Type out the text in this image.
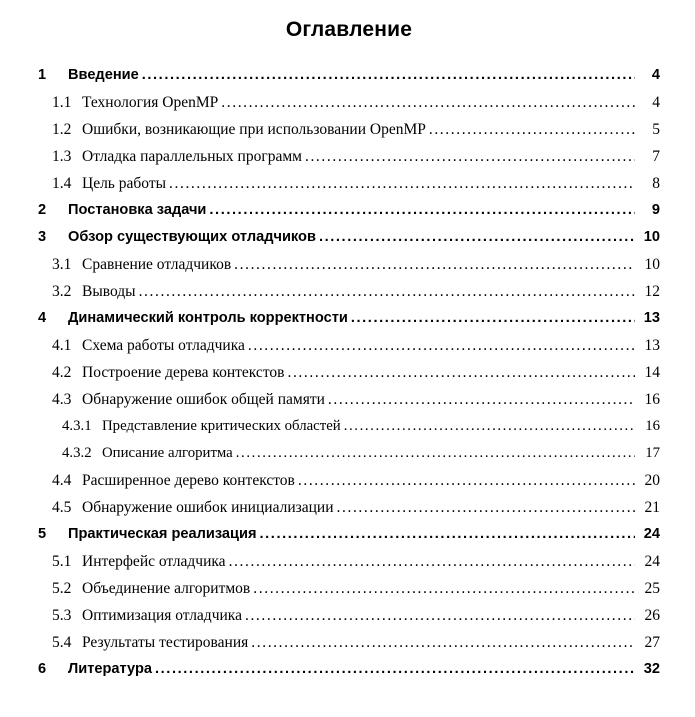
Оглавление
1	Введение .....	4
1.1 Технология OpenMP .....	4
1.2 Ошибки, возникающие при использовании OpenMP .....	5
1.3 Отладка параллельных программ .....	7
1.4 Цель работы .....	8
2	Постановка задачи .....	9
3	Обзор существующих отладчиков .....	10
3.1 Сравнение отладчиков .....	10
3.2 Выводы .....	12
4	Динамический контроль корректности .....	13
4.1 Схема работы отладчика .....	13
4.2 Построение дерева контекстов .....	14
4.3 Обнаружение ошибок общей памяти .....	16
4.3.1 Представление критических областей .....	16
4.3.2 Описание алгоритма .....	17
4.4 Расширенное дерево контекстов .....	20
4.5 Обнаружение ошибок инициализации .....	21
5	Практическая реализация .....	24
5.1 Интерфейс отладчика .....	24
5.2 Объединение алгоритмов .....	25
5.3 Оптимизация отладчика .....	26
5.4 Результаты тестирования .....	27
6	Литература .....	32
